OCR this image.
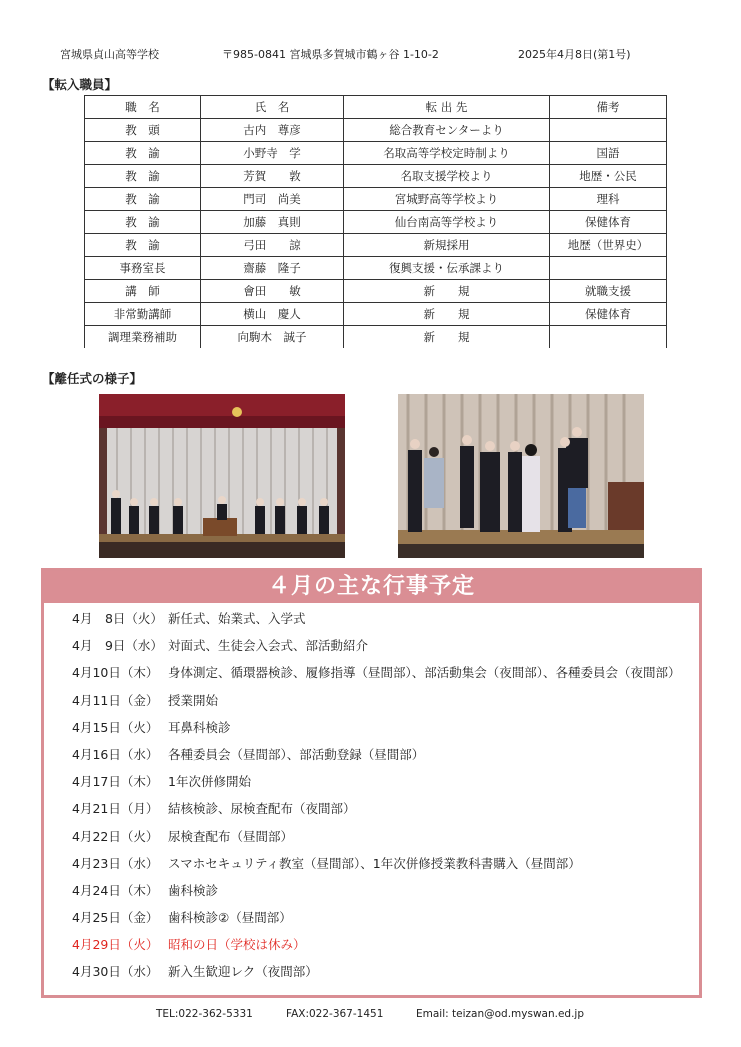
宮城県貞山高等学校	〒985-0841 宮城県多賀城市鶴ヶ谷 1-10-2	2025年4月8日(第1号)
【転入職員】
職　名	氏　名	転 出 先	備考
教　頭	古内　尊彦	総合教育センターより	
教　諭	小野寺　学	名取高等学校定時制より	国語
教　諭	芳賀　　敦	名取支援学校より	地歴・公民
教　諭	門司　尚美	宮城野高等学校より	理科
教　諭	加藤　真則	仙台南高等学校より	保健体育
教　諭	弓田　　諒	新規採用	地歴（世界史）
事務室長	齋藤　隆子	復興支援・伝承課より	
講　師	會田　　敏	新　　規	就職支援
非常勤講師	横山　慶人	新　　規	保健体育
調理業務補助	向駒木　誠子	新　　規	
【離任式の様子】
４月の主な行事予定
4月　8日（火） 新任式、始業式、入学式
4月　9日（水） 対面式、生徒会入会式、部活動紹介
4月10日（木） 身体測定、循環器検診、履修指導（昼間部）、部活動集会（夜間部）、各種委員会（夜間部）
4月11日（金） 授業開始
4月15日（火） 耳鼻科検診
4月16日（水） 各種委員会（昼間部）、部活動登録（昼間部）
4月17日（木） 1年次併修開始
4月21日（月） 結核検診、尿検査配布（夜間部）
4月22日（火） 尿検査配布（昼間部）
4月23日（水） スマホセキュリティ教室（昼間部）、1年次併修授業教科書購入（昼間部）
4月24日（木） 歯科検診
4月25日（金） 歯科検診②（昼間部）
4月29日（火） 昭和の日（学校は休み）
4月30日（水） 新入生歓迎レク（夜間部）
TEL:022-362-5331	FAX:022-367-1451	Email: teizan@od.myswan.ed.jp
